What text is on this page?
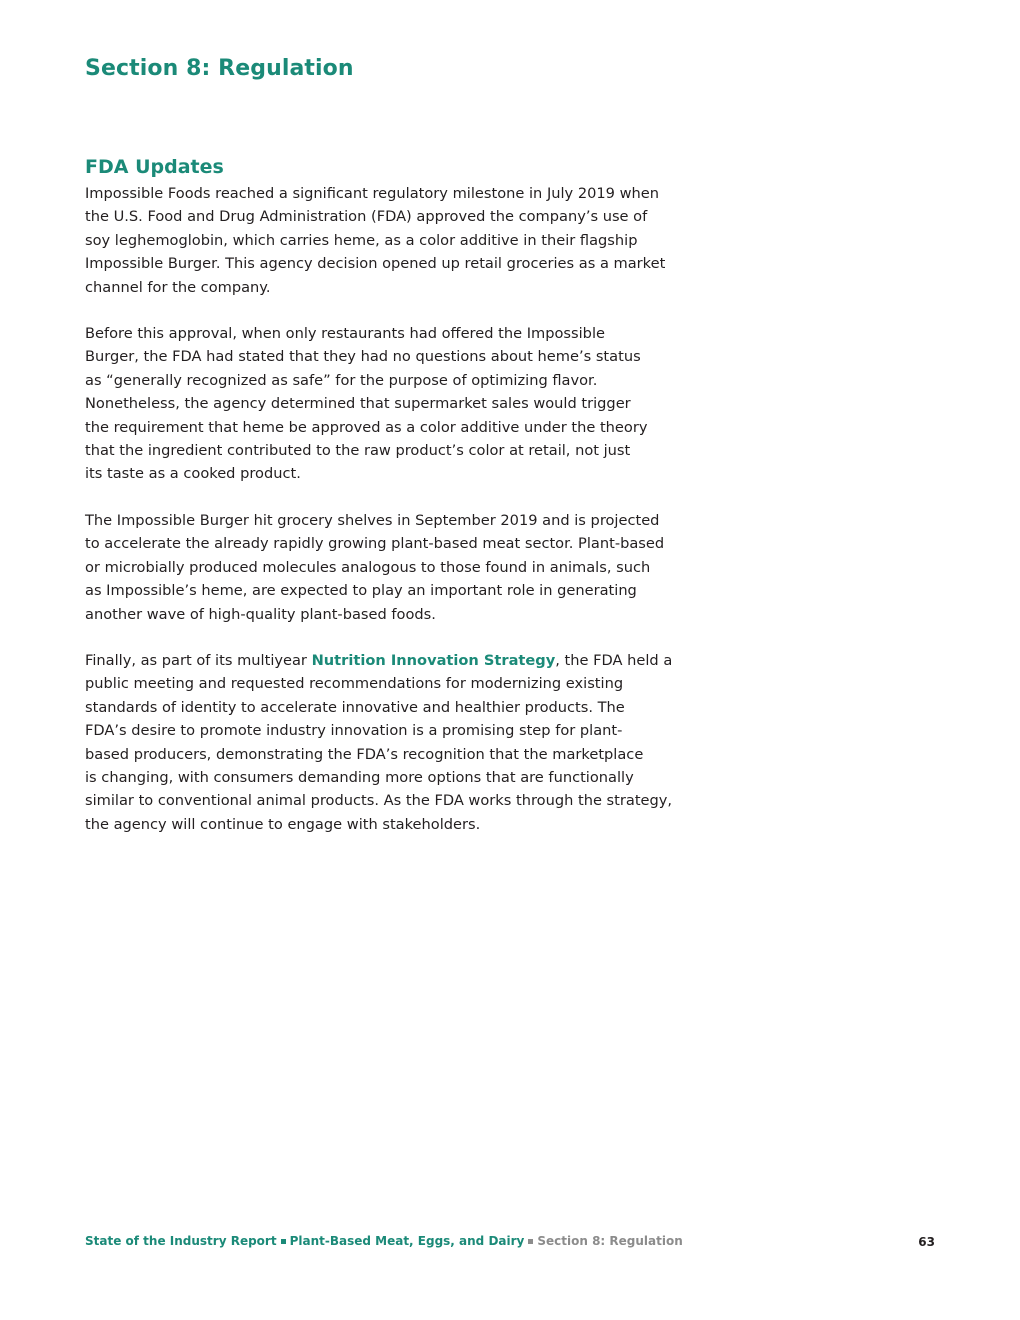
Section 8: Regulation
FDA Updates

Impossible Foods reached a significant regulatory milestone in July 2019 when
the U.S. Food and Drug Administration (FDA) approved the company’s use of
soy leghemoglobin, which carries heme, as a color additive in their flagship
Impossible Burger. This agency decision opened up retail groceries as a market
channel for the company.

Before this approval, when only restaurants had offered the Impossible
Burger, the FDA had stated that they had no questions about heme’s status
as “generally recognized as safe” for the purpose of optimizing flavor.
Nonetheless, the agency determined that supermarket sales would trigger
the requirement that heme be approved as a color additive under the theory
that the ingredient contributed to the raw product’s color at retail, not just
its taste as a cooked product.

The Impossible Burger hit grocery shelves in September 2019 and is projected
to accelerate the already rapidly growing plant-based meat sector. Plant-based
or microbially produced molecules analogous to those found in animals, such
as Impossible’s heme, are expected to play an important role in generating
another wave of high-quality plant-based foods.

Finally, as part of its multiyear Nutrition Innovation Strategy, the FDA held a
public meeting and requested recommendations for modernizing existing
standards of identity to accelerate innovative and healthier products. The
FDA’s desire to promote industry innovation is a promising step for plant-
based producers, demonstrating the FDA’s recognition that the marketplace
is changing, with consumers demanding more options that are functionally
similar to conventional animal products. As the FDA works through the strategy,
the agency will continue to engage with stakeholders.

State of the Industry Report Plant-Based Meat, Eggs, and Dairy Section 8: Regulation	63
